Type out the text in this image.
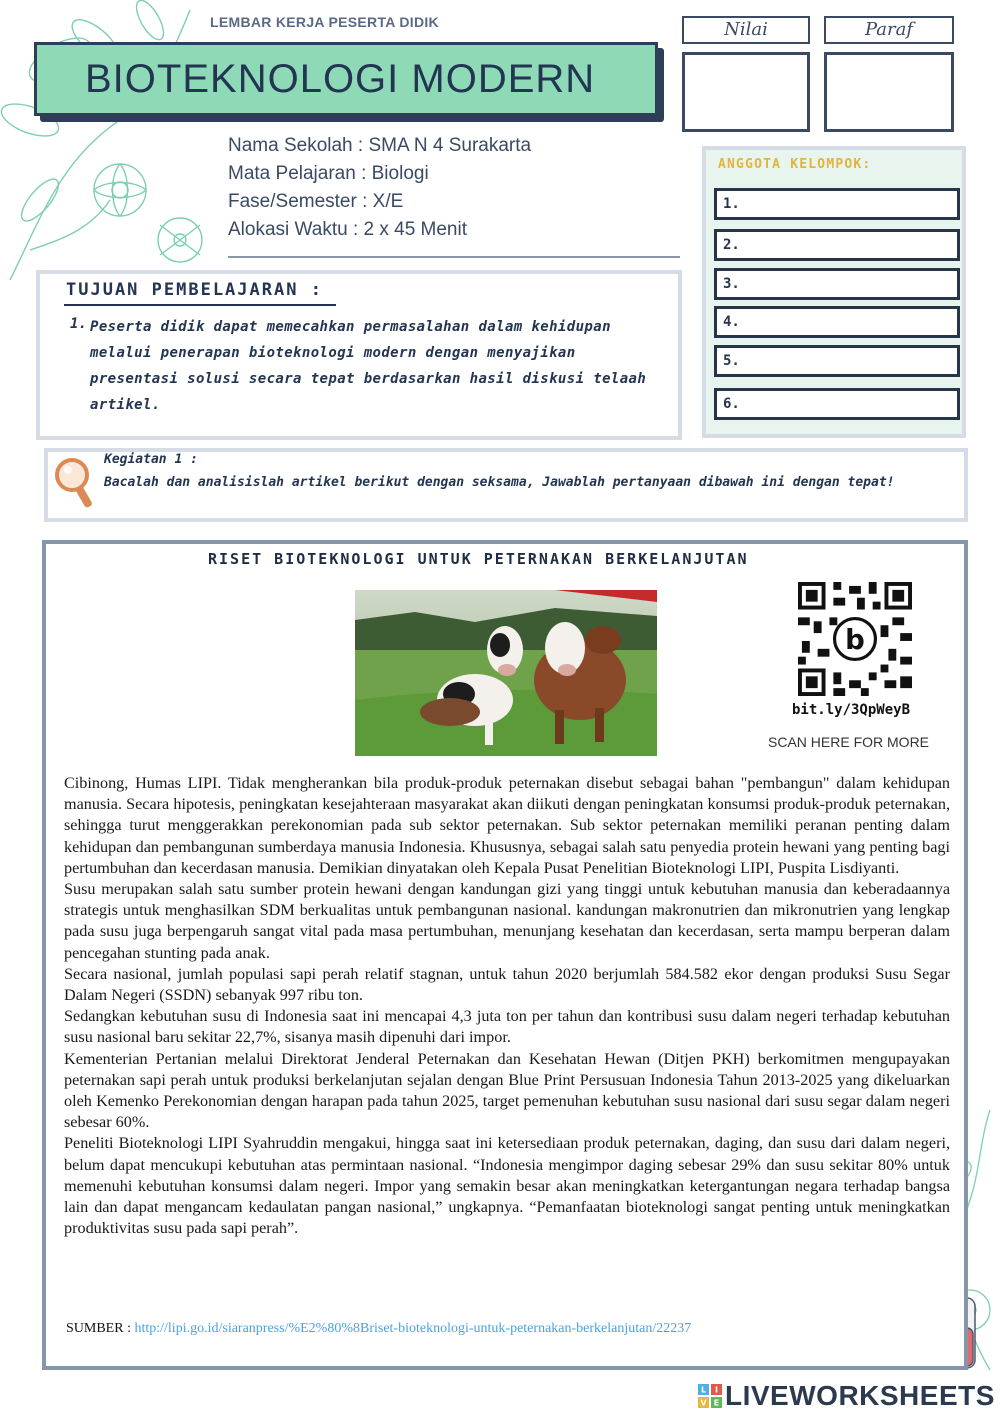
LEMBAR KERJA PESERTA DIDIK
BIOTEKNOLOGI MODERN
Nilai	Paraf
Nama Sekolah : SMA N 4 Surakarta
Mata Pelajaran : Biologi
Fase/Semester : X/E
Alokasi Waktu : 2 x 45 Menit
TUJUAN PEMBELAJARAN :
1. Peserta didik dapat memecahkan permasalahan dalam kehidupan melalui penerapan bioteknologi modern dengan menyajikan presentasi solusi secara tepat berdasarkan hasil diskusi telaah artikel.
ANGGOTA KELOMPOK:
1.
2.
3.
4.
5.
6.
Kegiatan 1 :
Bacalah dan analisislah artikel berikut dengan seksama, Jawablah pertanyaan dibawah ini dengan tepat!
RISET BIOTEKNOLOGI UNTUK PETERNAKAN BERKELANJUTAN
b
bit.ly/3QpWeyB
SCAN HERE FOR MORE

Cibinong, Humas LIPI. Tidak mengherankan bila produk-produk peternakan disebut sebagai bahan "pembangun" dalam kehidupan manusia. Secara hipotesis, peningkatan kesejahteraan masyarakat akan diikuti dengan peningkatan konsumsi produk-produk peternakan, sehingga turut menggerakkan perekonomian pada sub sektor peternakan. Sub sektor peternakan memiliki peranan penting dalam kehidupan dan pembangunan sumberdaya manusia Indonesia. Khususnya, sebagai salah satu penyedia protein hewani yang penting bagi pertumbuhan dan kecerdasan manusia. Demikian dinyatakan oleh Kepala Pusat Penelitian Bioteknologi LIPI, Puspita Lisdiyanti.

Susu merupakan salah satu sumber protein hewani dengan kandungan gizi yang tinggi untuk kebutuhan manusia dan keberadaannya strategis untuk menghasilkan SDM berkualitas untuk pembangunan nasional. kandungan makronutrien dan mikronutrien yang lengkap pada susu juga berpengaruh sangat vital pada masa pertumbuhan, menunjang kesehatan dan kecerdasan, serta mampu berperan dalam pencegahan stunting pada anak.

Secara nasional, jumlah populasi sapi perah relatif stagnan, untuk tahun 2020 berjumlah 584.582 ekor dengan produksi Susu Segar Dalam Negeri (SSDN) sebanyak 997 ribu ton.

Sedangkan kebutuhan susu di Indonesia saat ini mencapai 4,3 juta ton per tahun dan kontribusi susu dalam negeri terhadap kebutuhan susu nasional baru sekitar 22,7%, sisanya masih dipenuhi dari impor.

Kementerian Pertanian melalui Direktorat Jenderal Peternakan dan Kesehatan Hewan (Ditjen PKH) berkomitmen mengupayakan peternakan sapi perah untuk produksi berkelanjutan sejalan dengan Blue Print Persusuan Indonesia Tahun 2013-2025 yang dikeluarkan oleh Kemenko Perekonomian dengan harapan pada tahun 2025, target pemenuhan kebutuhan susu nasional dari susu segar dalam negeri sebesar 60%.

Peneliti Bioteknologi LIPI Syahruddin mengakui, hingga saat ini ketersediaan produk peternakan, daging, dan susu dari dalam negeri, belum dapat mencukupi kebutuhan atas permintaan nasional. “Indonesia mengimpor daging sebesar 29% dan susu sekitar 80% untuk memenuhi kebutuhan konsumsi dalam negeri. Impor yang semakin besar akan meningkatkan ketergantungan negara terhadap bangsa lain dan dapat mengancam kedaulatan pangan nasional,” ungkapnya. “Pemanfaatan bioteknologi sangat penting untuk meningkatkan produktivitas susu pada sapi perah”.

SUMBER : http://lipi.go.id/siaranpress/%E2%80%8Briset-bioteknologi-untuk-peternakan-berkelanjutan/22237
L I
V E LIVEWORKSHEETS
